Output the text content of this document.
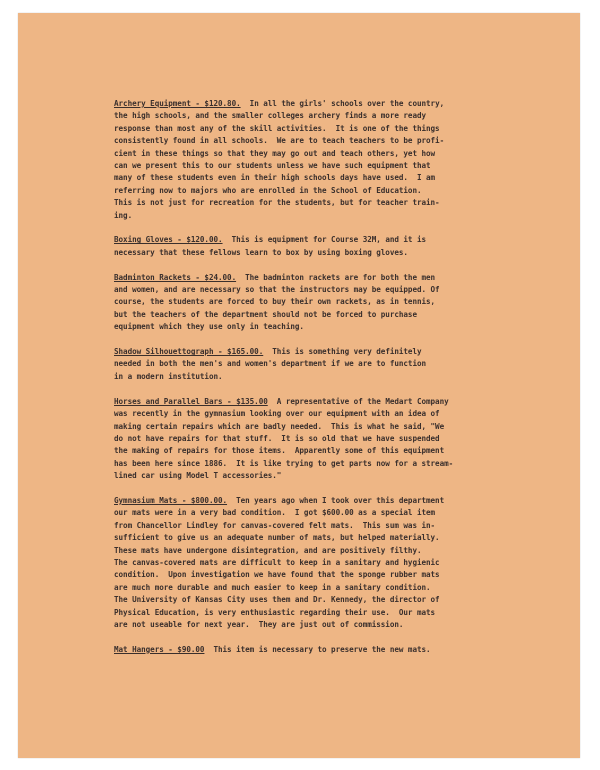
Archery Equipment - $120.80. In all the girls' schools over the country,
the high schools, and the smaller colleges archery finds a more ready
response than most any of the skill activities.  It is one of the things
consistently found in all schools.  We are to teach teachers to be profi-
cient in these things so that they may go out and teach others, yet how
can we present this to our students unless we have such equipment that
many of these students even in their high schools days have used.  I am
referring now to majors who are enrolled in the School of Education.
This is not just for recreation for the students, but for teacher train-
ing.
Boxing Gloves - $120.00. This is equipment for Course 32M, and it is
necessary that these fellows learn to box by using boxing gloves.
Badminton Rackets - $24.00. The badminton rackets are for both the men
and women, and are necessary so that the instructors may be equipped. Of
course, the students are forced to buy their own rackets, as in tennis,
but the teachers of the department should not be forced to purchase
equipment which they use only in teaching.
Shadow Silhouettograph - $165.00. This is something very definitely
needed in both the men's and women's department if we are to function
in a modern institution.
Horses and Parallel Bars - $135.00 A representative of the Medart Company
was recently in the gymnasium looking over our equipment with an idea of
making certain repairs which are badly needed.  This is what he said, "We
do not have repairs for that stuff.  It is so old that we have suspended
the making of repairs for those items.  Apparently some of this equipment
has been here since 1886.  It is like trying to get parts now for a stream-
lined car using Model T accessories."
Gymnasium Mats - $800.00. Ten years ago when I took over this department
our mats were in a very bad condition.  I got $600.00 as a special item
from Chancellor Lindley for canvas-covered felt mats.  This sum was in-
sufficient to give us an adequate number of mats, but helped materially.
These mats have undergone disintegration, and are positively filthy.
The canvas-covered mats are difficult to keep in a sanitary and hygienic
condition.  Upon investigation we have found that the sponge rubber mats
are much more durable and much easier to keep in a sanitary condition.
The University of Kansas City uses them and Dr. Kennedy, the director of
Physical Education, is very enthusiastic regarding their use.  Our mats
are not useable for next year.  They are just out of commission.
Mat Hangers - $90.00 This item is necessary to preserve the new mats.
